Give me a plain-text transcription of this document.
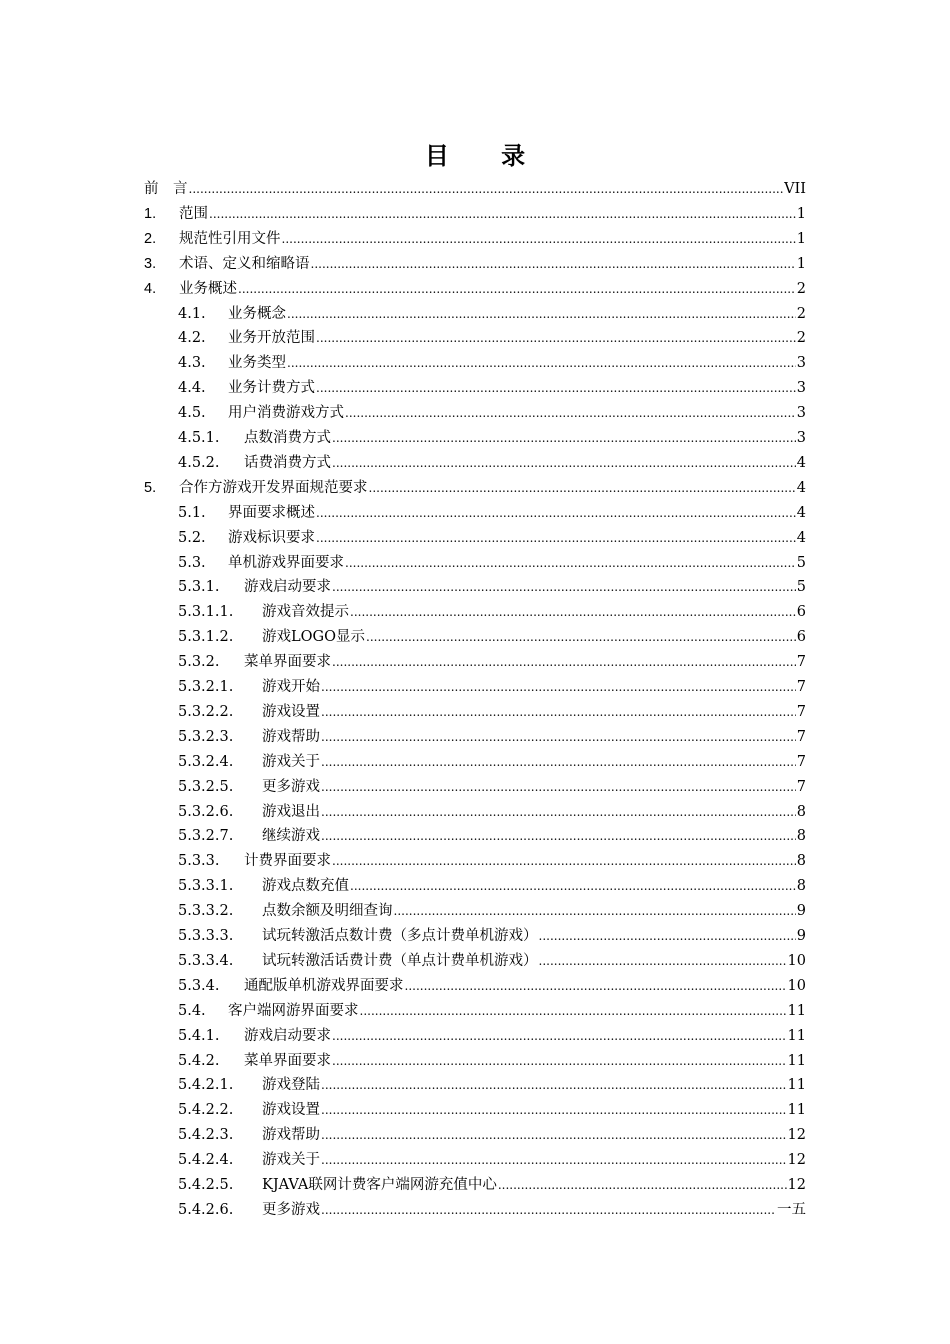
目 录
前　言 .....	VII
1. 范围 .....	1
2. 规范性引用文件 .....	1
3. 术语、定义和缩略语 .....	1
4. 业务概述 .....	2
4.1. 业务概念 .....	2
4.2. 业务开放范围 .....	2
4.3. 业务类型 .....	3
4.4. 业务计费方式 .....	3
4.5. 用户消费游戏方式 .....	3
4.5.1. 点数消费方式 .....	3
4.5.2. 话费消费方式 .....	4
5. 合作方游戏开发界面规范要求 .....	4
5.1. 界面要求概述 .....	4
5.2. 游戏标识要求 .....	4
5.3. 单机游戏界面要求 .....	5
5.3.1. 游戏启动要求 .....	5
5.3.1.1. 游戏音效提示 .....	6
5.3.1.2. 游戏LOGO显示 .....	6
5.3.2. 菜单界面要求 .....	7
5.3.2.1. 游戏开始 .....	7
5.3.2.2. 游戏设置 .....	7
5.3.2.3. 游戏帮助 .....	7
5.3.2.4. 游戏关于 .....	7
5.3.2.5. 更多游戏 .....	7
5.3.2.6. 游戏退出 .....	8
5.3.2.7. 继续游戏 .....	8
5.3.3. 计费界面要求 .....	8
5.3.3.1. 游戏点数充值 .....	8
5.3.3.2. 点数余额及明细查询 .....	9
5.3.3.3. 试玩转激活点数计费（多点计费单机游戏） .....	9
5.3.3.4. 试玩转激活话费计费（单点计费单机游戏） .....	10
5.3.4. 通配版单机游戏界面要求 .....	10
5.4. 客户端网游界面要求 .....	11
5.4.1. 游戏启动要求 .....	11
5.4.2. 菜单界面要求 .....	11
5.4.2.1. 游戏登陆 .....	11
5.4.2.2. 游戏设置 .....	11
5.4.2.3. 游戏帮助 .....	12
5.4.2.4. 游戏关于 .....	12
5.4.2.5. KJAVA联网计费客户端网游充值中心 .....	12
5.4.2.6. 更多游戏 .....	一五
